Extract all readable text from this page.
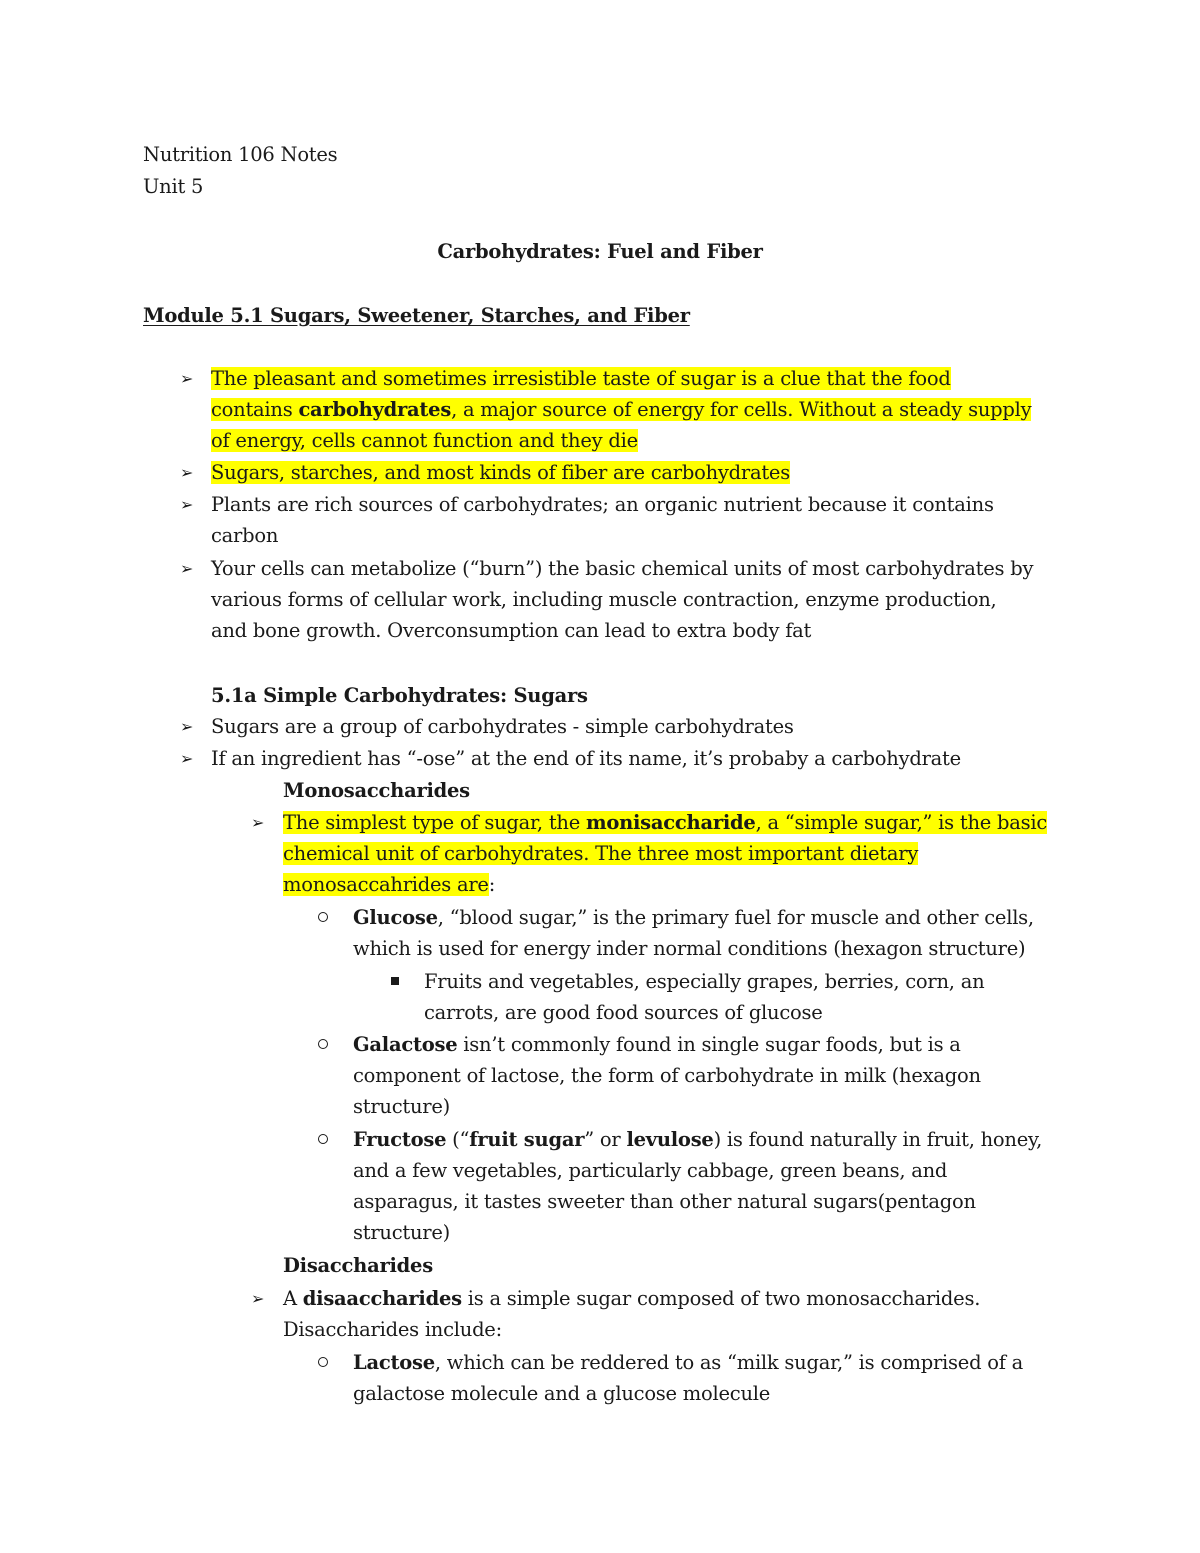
Nutrition 106 Notes
Unit 5
Carbohydrates: Fuel and Fiber
Module 5.1 Sugars, Sweetener, Starches, and Fiber
➢ The pleasant and sometimes irresistible taste of sugar is a clue that the food
contains carbohydrates, a major source of energy for cells. Without a steady supply
of energy, cells cannot function and they die
➢ Sugars, starches, and most kinds of fiber are carbohydrates
➢ Plants are rich sources of carbohydrates; an organic nutrient because it contains
carbon
➢ Your cells can metabolize (“burn”) the basic chemical units of most carbohydrates by
various forms of cellular work, including muscle contraction, enzyme production,
and bone growth. Overconsumption can lead to extra body fat
5.1a Simple Carbohydrates: Sugars
➢ Sugars are a group of carbohydrates - simple carbohydrates
➢ If an ingredient has “-ose” at the end of its name, it’s probaby a carbohydrate
Monosaccharides
➢ The simplest type of sugar, the monisaccharide, a “simple sugar,” is the basic
chemical unit of carbohydrates. The three most important dietary
monosaccahrides are:
Glucose, “blood sugar,” is the primary fuel for muscle and other cells,
which is used for energy inder normal conditions (hexagon structure)
Fruits and vegetables, especially grapes, berries, corn, an
carrots, are good food sources of glucose
Galactose isn’t commonly found in single sugar foods, but is a
component of lactose, the form of carbohydrate in milk (hexagon
structure)
Fructose (“fruit sugar” or levulose) is found naturally in fruit, honey,
and a few vegetables, particularly cabbage, green beans, and
asparagus, it tastes sweeter than other natural sugars(pentagon
structure)
Disaccharides
➢ A disaaccharides is a simple sugar composed of two monosaccharides.
Disaccharides include:
Lactose, which can be reddered to as “milk sugar,” is comprised of a
galactose molecule and a glucose molecule
